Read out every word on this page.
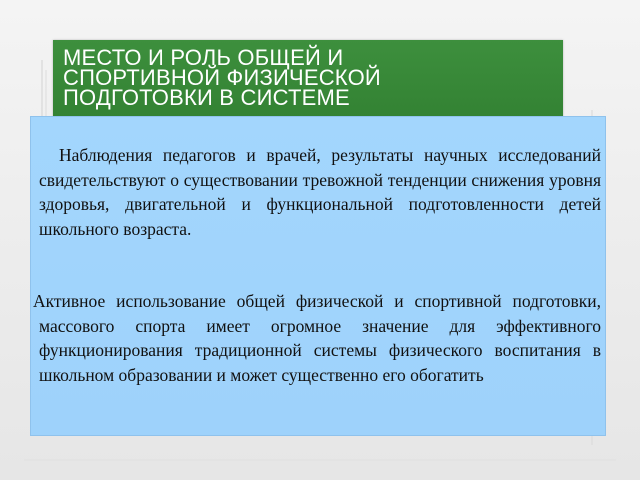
МЕСТО И РОЛЬ ОБЩЕЙ И
СПОРТИВНОЙ ФИЗИЧЕСКОЙ
ПОДГОТОВКИ В СИСТЕМЕ

Наблюдения педагогов и врачей, результаты научных исследований свидетельствуют о существовании тревожной тенденции снижения уровня здоровья, двигательной и функциональной подготовленности детей школьного возраста.

Активное использование общей физической и спортивной подготовки, массового спорта имеет огромное значение для эффективного функционирования традиционной системы физического воспитания в школьном образовании и может существенно его обогатить
